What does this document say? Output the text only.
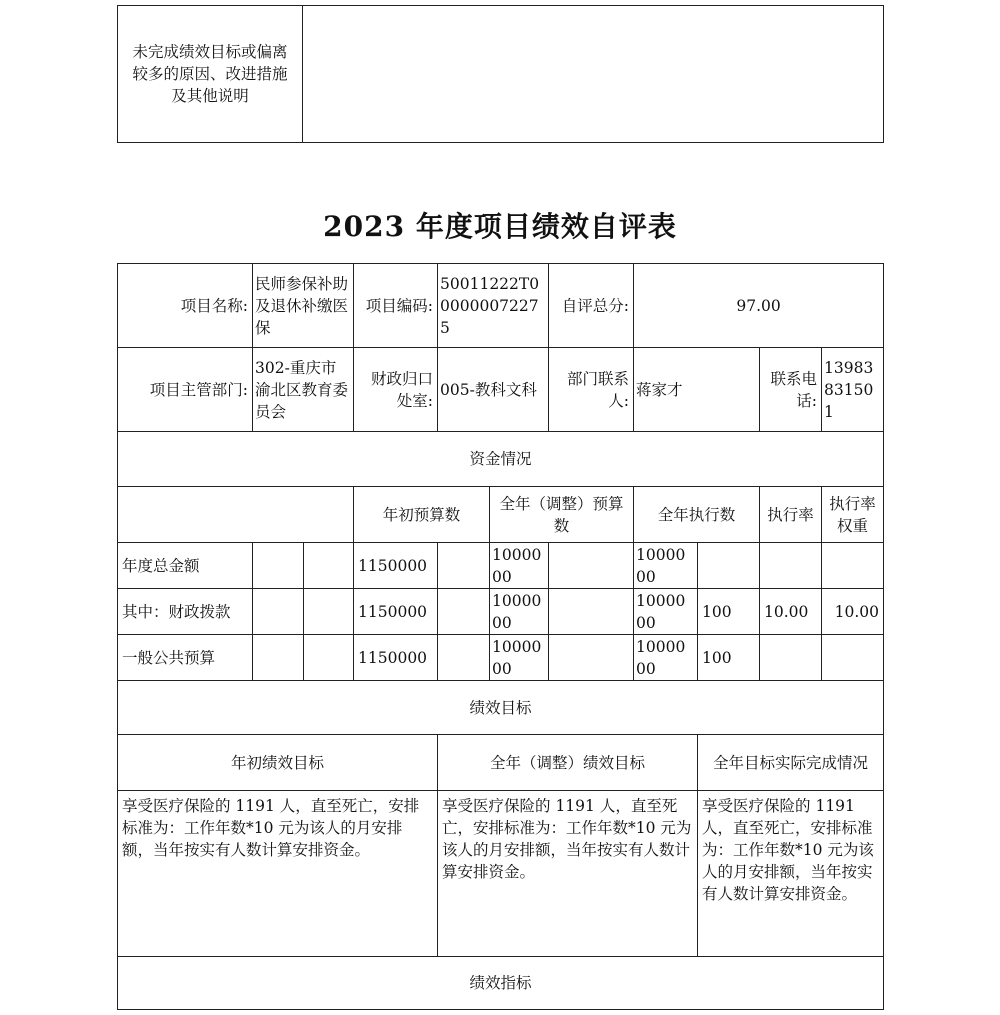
未完成绩效目标或偏离较多的原因、改进措施及其他说明	
2023 年度项目绩效自评表
项目名称:	民师参保补助及退休补缴医保		项目编码:	50011222T000000072275		自评总分:	97.00			
项目主管部门:	302-重庆市渝北区教育委员会		财政归口处室:	005-教科文科		部门联系人:	蒋家才		联系电话:	13983831501
资金情况										
			年初预算数		全年（调整）预算数		全年执行数		执行率	执行率权重
年度总金额			1150000		1000000		1000000			
其中：财政拨款			1150000		1000000		1000000	100	10.00	10.00
一般公共预算			1150000		1000000		1000000	100		
绩效目标										
年初绩效目标				全年（调整）绩效目标				全年目标实际完成情况		
享受医疗保险的 1191 人，直至死亡，安排标准为：工作年数*10 元为该人的月安排额，当年按实有人数计算安排资金。				享受医疗保险的 1191 人，直至死亡，安排标准为：工作年数*10 元为该人的月安排额，当年按实有人数计算安排资金。				享受医疗保险的 1191 人，直至死亡，安排标准为：工作年数*10 元为该人的月安排额，当年按实有人数计算安排资金。		
绩效指标										
